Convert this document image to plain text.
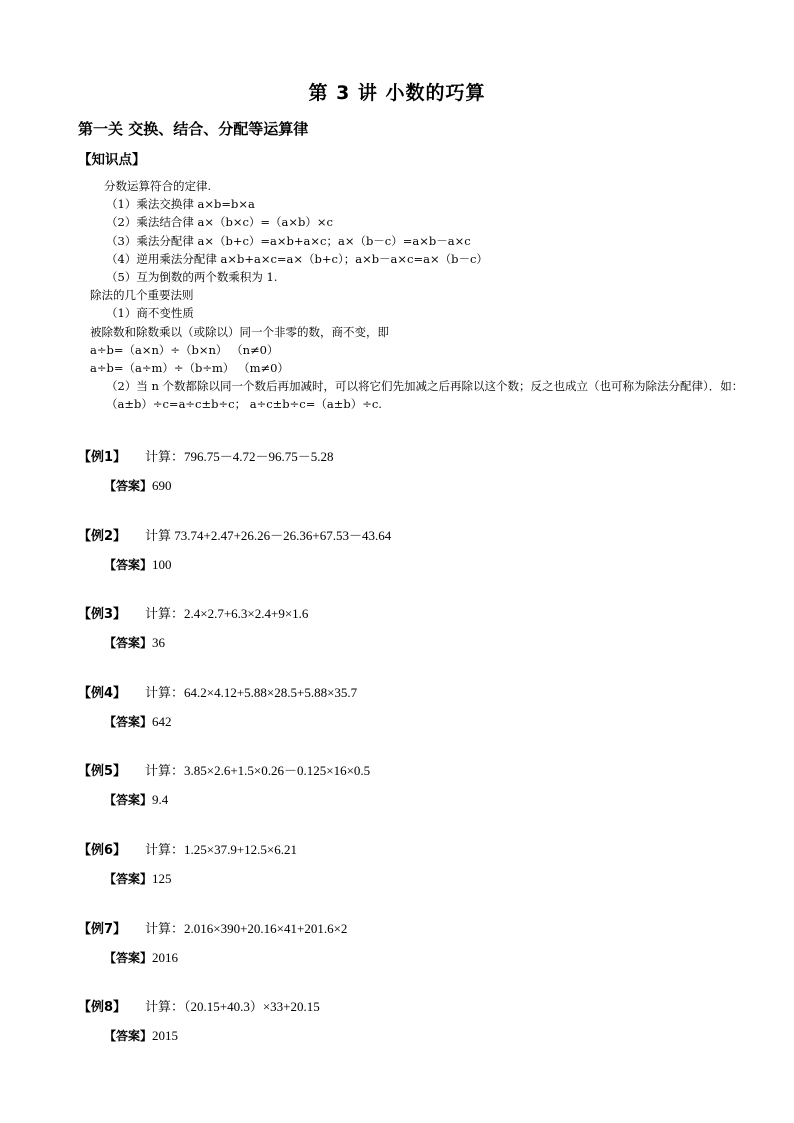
第 3 讲 小数的巧算
第一关 交换、结合、分配等运算律
【知识点】
分数运算符合的定律.
（1）乘法交换律 a×b=b×a
（2）乘法结合律 a×（b×c）=（a×b）×c
（3）乘法分配律 a×（b+c）=a×b+a×c；a×（b－c）=a×b－a×c
（4）逆用乘法分配律 a×b+a×c=a×（b+c）；a×b－a×c=a×（b－c）
（5）互为倒数的两个数乘积为 1.
除法的几个重要法则
（1）商不变性质
被除数和除数乘以（或除以）同一个非零的数，商不变，即
a÷b=（a×n）÷（b×n） （n≠0）
a÷b=（a÷m）÷（b÷m） （m≠0）
（2）当 n 个数都除以同一个数后再加减时，可以将它们先加减之后再除以这个数；反之也成立（也可称为除法分配律）．如：
（a±b）÷c=a÷c±b÷c； a÷c±b÷c=（a±b）÷c.
【例1】	计算：796.75－4.72－96.75－5.28
【答案】690
【例2】	计算 73.74+2.47+26.26－26.36+67.53－43.64
【答案】100
【例3】	计算：2.4×2.7+6.3×2.4+9×1.6
【答案】36
【例4】	计算：64.2×4.12+5.88×28.5+5.88×35.7
【答案】642
【例5】	计算：3.85×2.6+1.5×0.26－0.125×16×0.5
【答案】9.4
【例6】	计算：1.25×37.9+12.5×6.21
【答案】125
【例7】	计算：2.016×390+20.16×41+201.6×2
【答案】2016
【例8】	计算：（20.15+40.3）×33+20.15
【答案】2015
